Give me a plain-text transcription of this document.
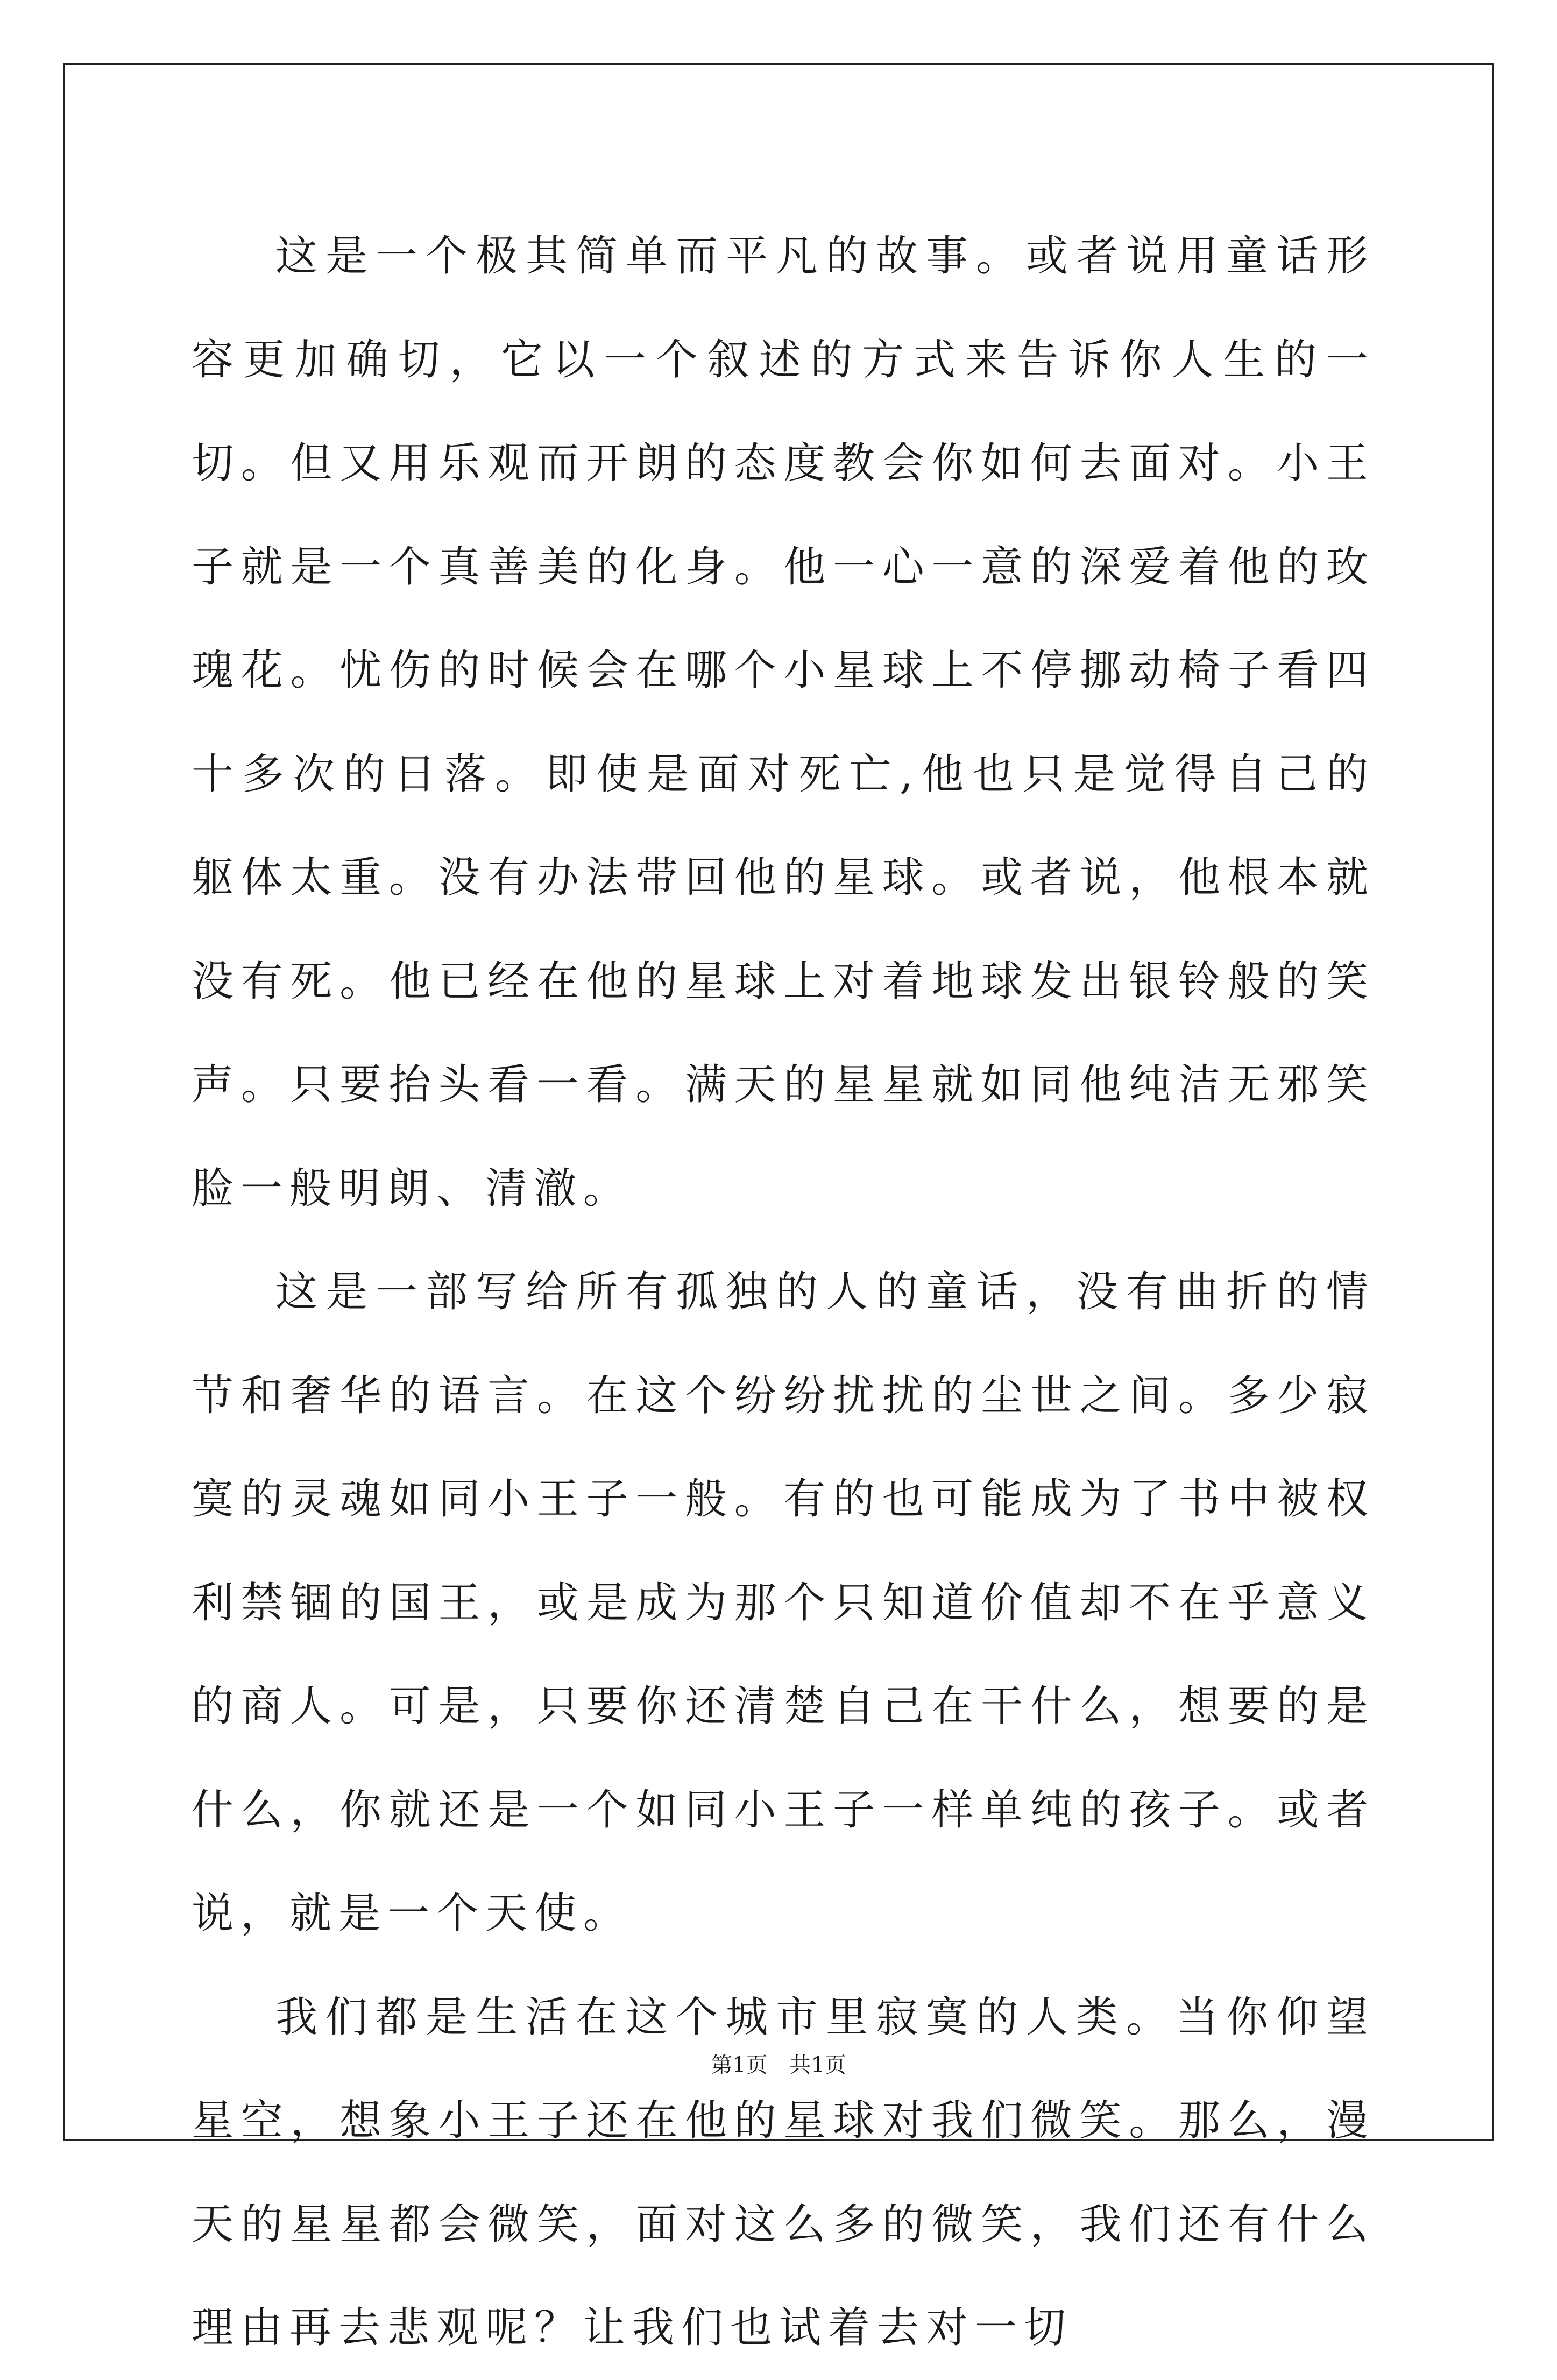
这是一个极其简单而平凡的故事。或者说用童话形容更加确切，它以一个叙述的方式来告诉你人生的一切。但又用乐观而开朗的态度教会你如何去面对。小王子就是一个真善美的化身。他一心一意的深爱着他的玫瑰花。忧伤的时候会在哪个小星球上不停挪动椅子看四十多次的日落。即使是面对死亡,他也只是觉得自己的躯体太重。没有办法带回他的星球。或者说，他根本就没有死。他已经在他的星球上对着地球发出银铃般的笑声。只要抬头看一看。满天的星星就如同他纯洁无邪笑脸一般明朗、清澈。

这是一部写给所有孤独的人的童话，没有曲折的情节和奢华的语言。在这个纷纷扰扰的尘世之间。多少寂寞的灵魂如同小王子一般。有的也可能成为了书中被权利禁锢的国王，或是成为那个只知道价值却不在乎意义的商人。可是，只要你还清楚自己在干什么，想要的是什么，你就还是一个如同小王子一样单纯的孩子。或者说，就是一个天使。

我们都是生活在这个城市里寂寞的人类。当你仰望星空，想象小王子还在他的星球对我们微笑。那么，漫天的星星都会微笑，面对这么多的微笑，我们还有什么理由再去悲观呢？让我们也试着去对一切

第1页 共1页
